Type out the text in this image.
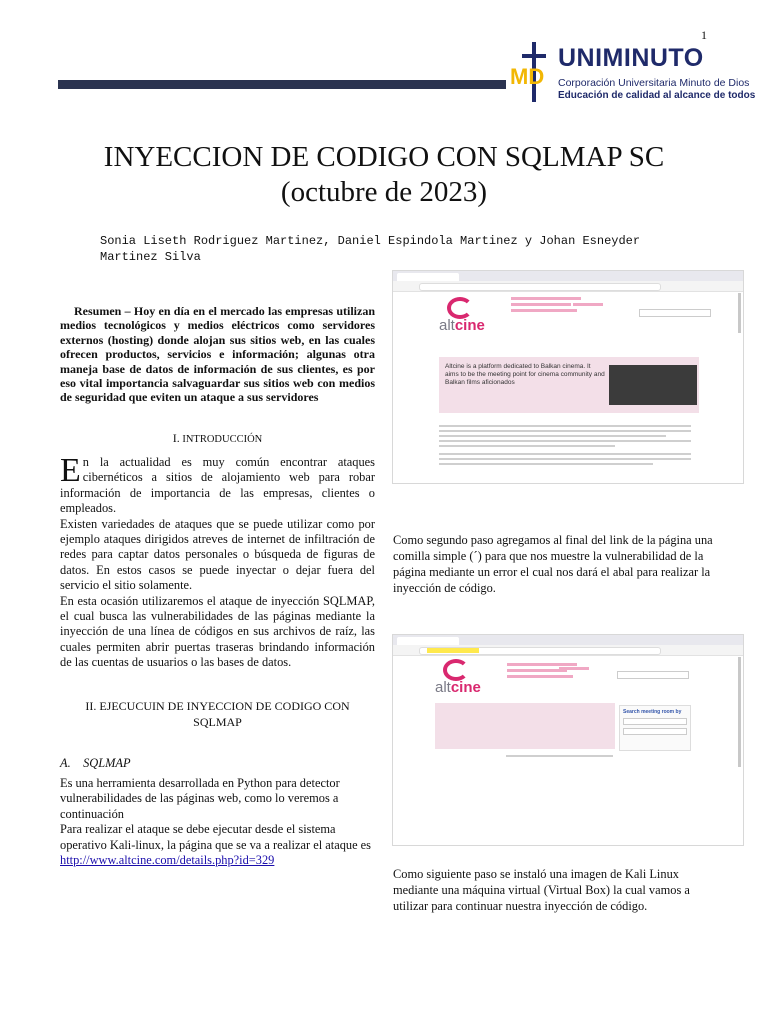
1
MD
UNIMINUTO
Corporación Universitaria Minuto de Dios
Educación de calidad al alcance de todos
INYECCION DE CODIGO CON SQLMAP SC
(octubre de 2023)
Sonia Liseth Rodriguez Martinez, Daniel Espindola Martinez y Johan Esneyder Martinez Silva
Resumen – Hoy en día en el mercado las empresas utilizan medios tecnológicos y medios eléctricos como servidores externos (hosting) donde alojan sus sitios web, en las cuales ofrecen productos, servicios e información; algunas otra maneja base de datos de información de sus clientes, es por eso vital importancia salvaguardar sus sitios web con medios de seguridad que eviten un ataque a sus servidores
I. INTRODUCCIÓN

En la actualidad es muy común encontrar ataques cibernéticos a sitios de alojamiento web para robar información de importancia de las empresas, clientes o empleados.

Existen variedades de ataques que se puede utilizar como por ejemplo ataques dirigidos atreves de internet de infiltración de redes para captar datos personales o búsqueda de figuras de datos. En estos casos se puede inyectar o dejar fuera del servicio el sitio solamente.

En esta ocasión utilizaremos el ataque de inyección SQLMAP, el cual busca las vulnerabilidades de las páginas mediante la inyección de una línea de códigos en sus archivos de raíz, las cuales permiten abrir puertas traseras brindando información de las cuentas de usuarios o las bases de datos.

II. EJECUCUIN DE INYECCION DE CODIGO CON SQLMAP
A. SQLMAP

Es una herramienta desarrollada en Python para detector vulnerabilidades de las páginas web, como lo veremos a continuación

Para realizar el ataque se debe ejecutar desde el sistema operativo Kali-linux, la página que se va a realizar el ataque es http://www.altcine.com/details.php?id=329

altcine
Altcine is a platform dedicated to Balkan cinema. It aims to be the meeting point for cinema community and Balkan films aficionados
Como segundo paso agregamos al final del link de la página una comilla simple (´) para que nos muestre la vulnerabilidad de la página mediante un error el cual nos dará el abal para realizar la inyección de código.
altcine
Search meeting room by
Como siguiente paso se instaló una imagen de Kali Linux mediante una máquina virtual (Virtual Box) la cual vamos a utilizar para continuar nuestra inyección de código.
